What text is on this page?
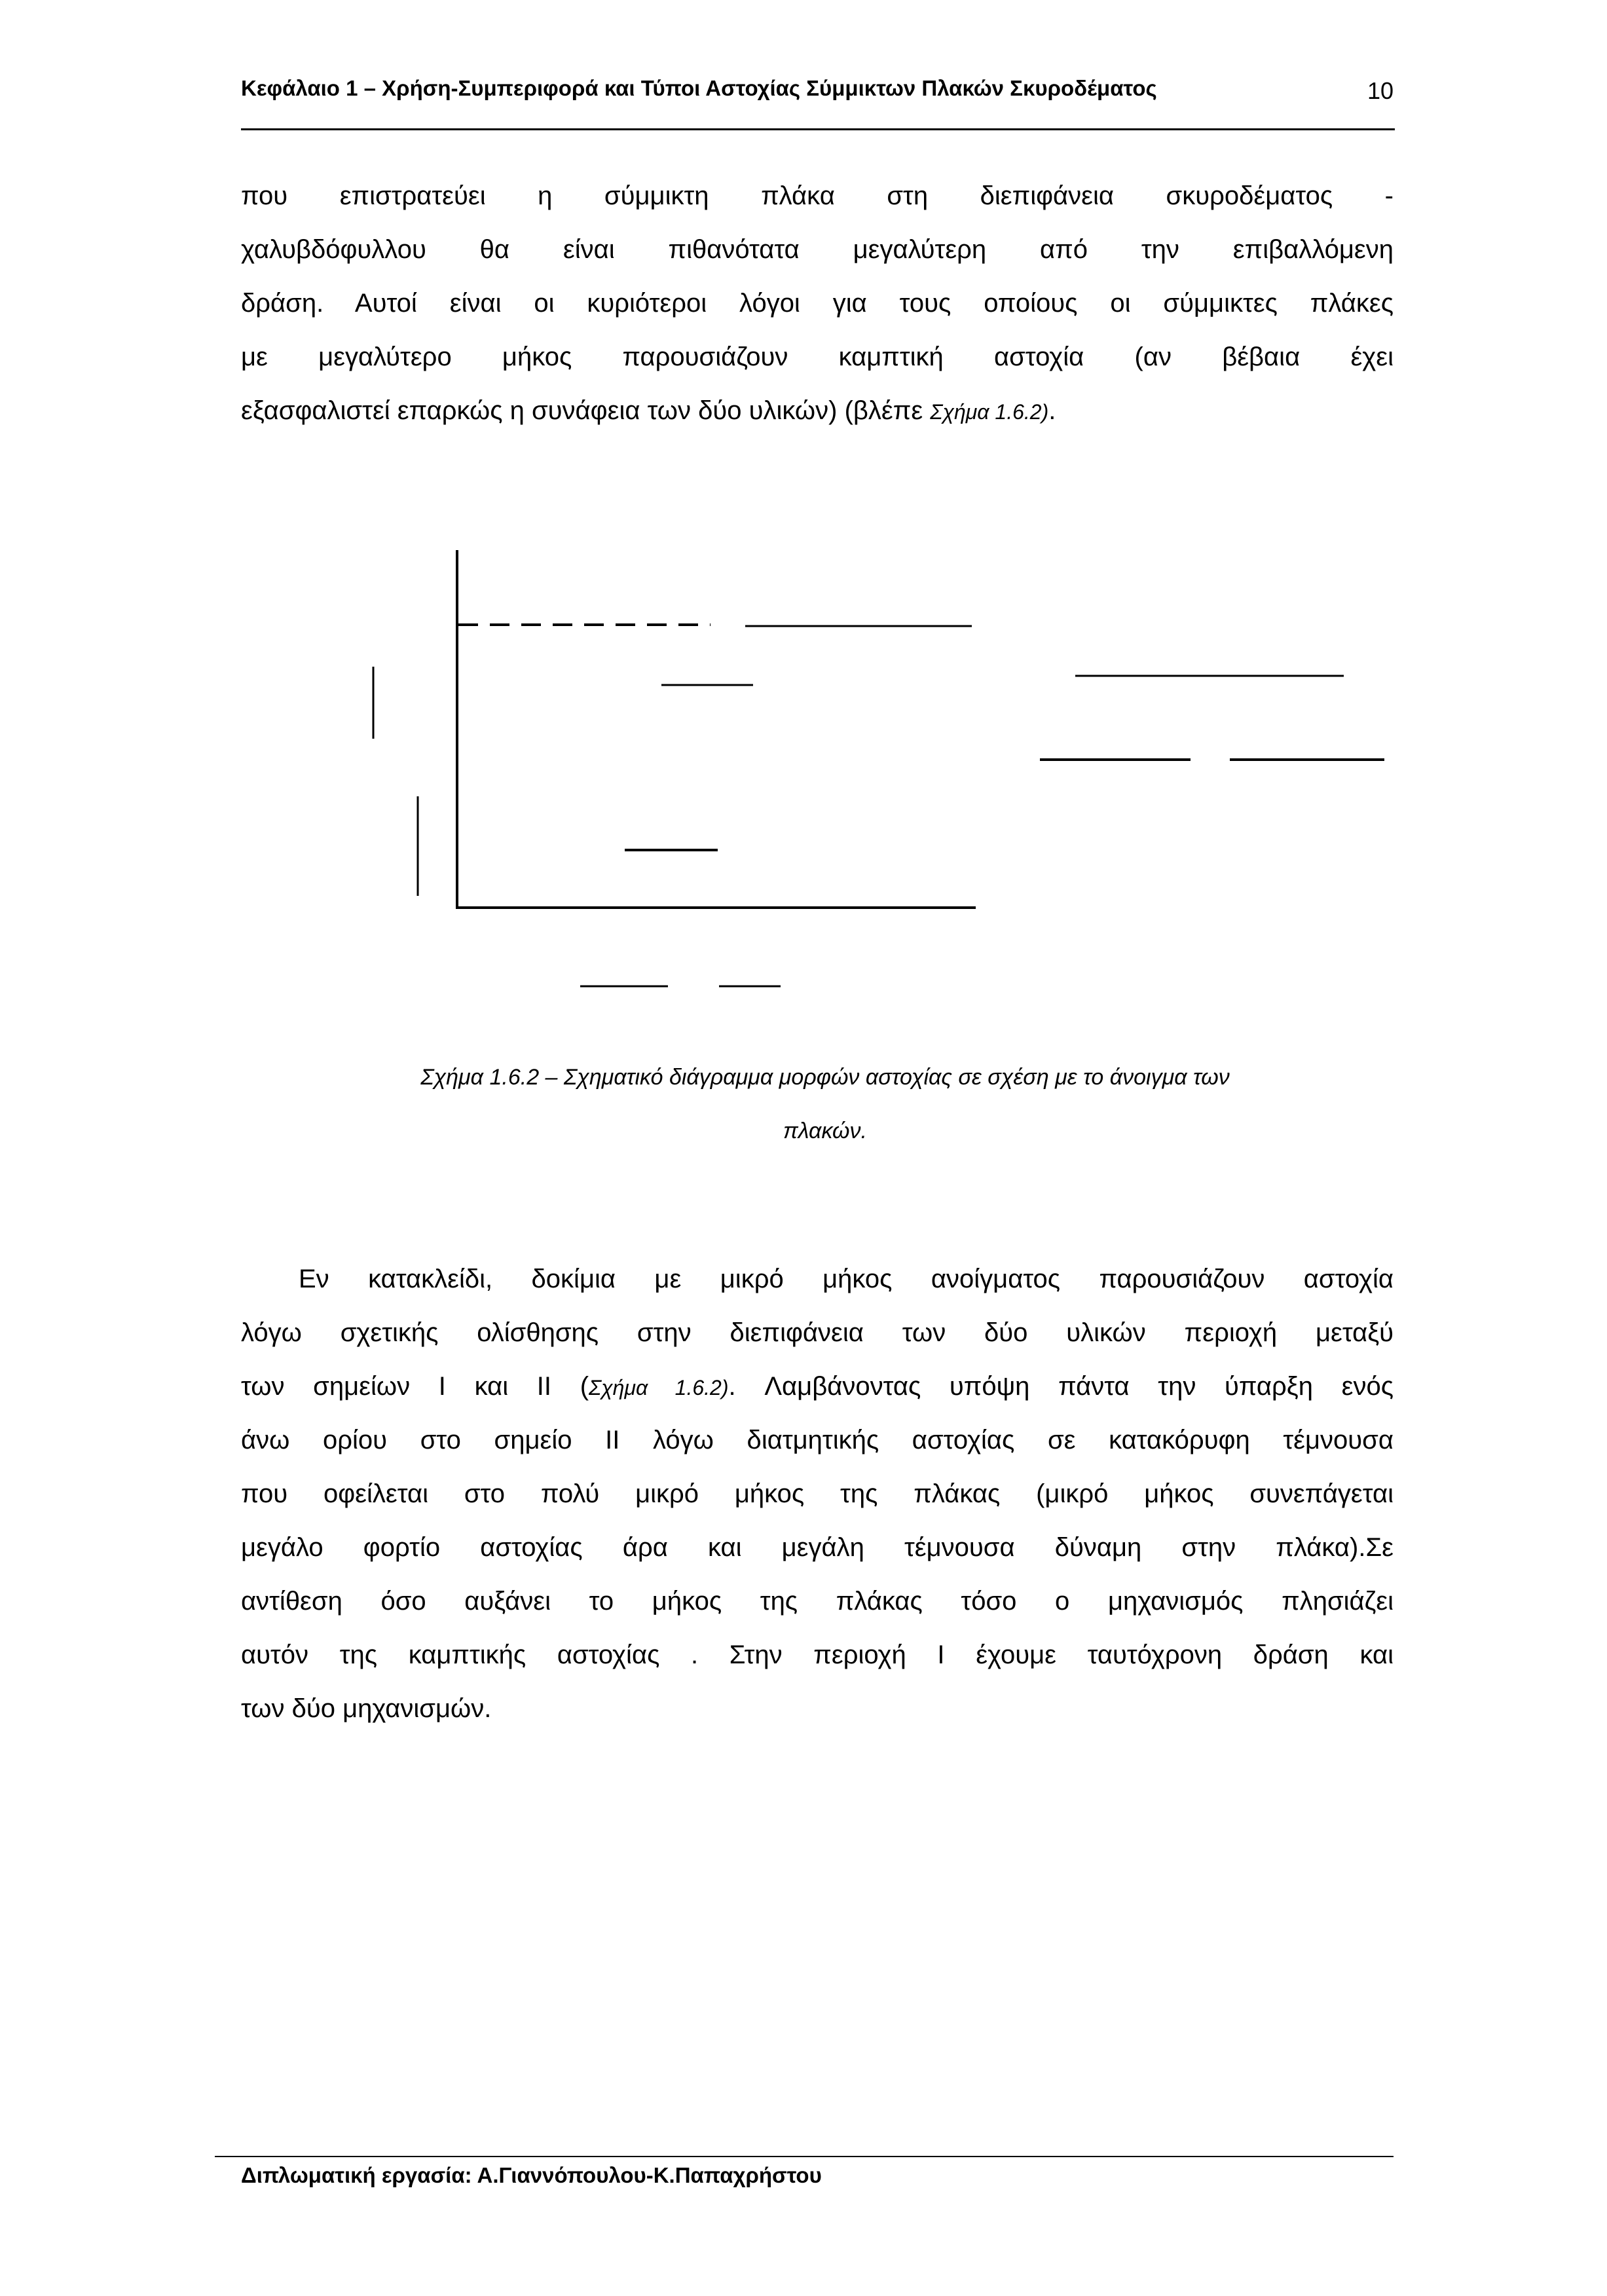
Κεφάλαιο 1 – Χρήση-Συμπεριφορά και Τύποι Αστοχίας Σύμμικτων Πλακών Σκυροδέματος	10
που επιστρατεύει η σύμμικτη πλάκα στη διεπιφάνεια σκυροδέματος -
χαλυβδόφυλλου θα είναι πιθανότατα μεγαλύτερη από την επιβαλλόμενη
δράση. Αυτοί είναι οι κυριότεροι λόγοι για τους οποίους οι σύμμικτες πλάκες
με μεγαλύτερο μήκος παρουσιάζουν καμπτική αστοχία (αν βέβαια έχει
εξασφαλιστεί επαρκώς η συνάφεια των δύο υλικών) (βλέπε Σχήμα 1.6.2).
Σχήμα 1.6.2 – Σχηματικό διάγραμμα μορφών αστοχίας σε σχέση με το άνοιγμα των
πλακών.
Εν κατακλείδι, δοκίμια με μικρό μήκος ανοίγματος παρουσιάζουν αστοχία
λόγω σχετικής ολίσθησης στην διεπιφάνεια των δύο υλικών περιοχή μεταξύ
των σημείων I και II (Σχήμα 1.6.2). Λαμβάνοντας υπόψη πάντα την ύπαρξη ενός
άνω ορίου στο σημείο II λόγω διατμητικής αστοχίας σε κατακόρυφη τέμνουσα
που οφείλεται στο πολύ μικρό μήκος της πλάκας (μικρό μήκος συνεπάγεται
μεγάλο φορτίο αστοχίας άρα και μεγάλη τέμνουσα δύναμη στην πλάκα).Σε
αντίθεση όσο αυξάνει το μήκος της πλάκας τόσο ο μηχανισμός πλησιάζει
αυτόν της καμπτικής αστοχίας . Στην περιοχή I έχουμε ταυτόχρονη δράση και
των δύο μηχανισμών.
Διπλωματική εργασία: Α.Γιαννόπουλου-Κ.Παπαχρήστου
